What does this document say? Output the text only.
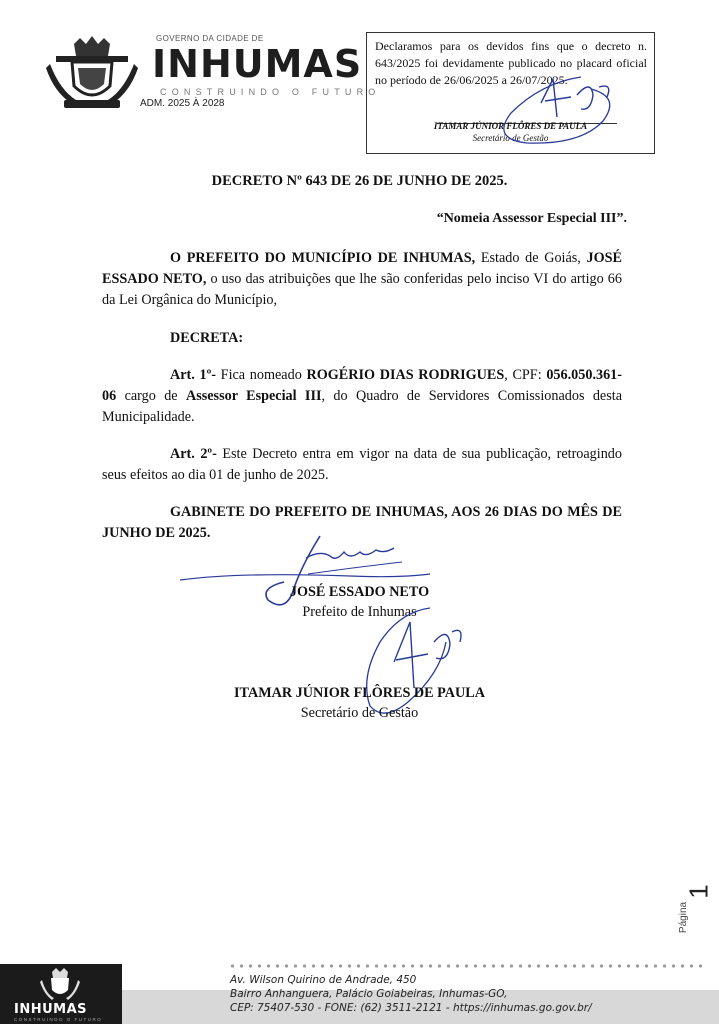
GOVERNO DA CIDADE DE
INHUMAS
CONSTRUINDO O FUTURO
ADM. 2025 À 2028
Declaramos para os devidos fins que o decreto n. 643/2025 foi devidamente publicado no placard oficial no período de 26/06/2025 a 26/07/2025.
ITAMAR JÚNIOR FLÔRES DE PAULA
Secretário de Gestão
DECRETO Nº 643 DE 26 DE JUNHO DE 2025.
“Nomeia Assessor Especial III”.
O PREFEITO DO MUNICÍPIO DE INHUMAS, Estado de Goiás, JOSÉ ESSADO NETO, o uso das atribuições que lhe são conferidas pelo inciso VI do artigo 66 da Lei Orgânica do Município,
DECRETA:
Art. 1º- Fica nomeado ROGÉRIO DIAS RODRIGUES, CPF: 056.050.361-06 cargo de Assessor Especial III, do Quadro de Servidores Comissionados desta Municipalidade.
Art. 2º- Este Decreto entra em vigor na data de sua publicação, retroagindo seus efeitos ao dia 01 de junho de 2025.
GABINETE DO PREFEITO DE INHUMAS, AOS 26 DIAS DO MÊS DE JUNHO DE 2025.
JOSÉ ESSADO NETO
Prefeito de Inhumas
ITAMAR JÚNIOR FLÔRES DE PAULA
Secretário de Gestão
Página
1
INHUMAS
CONSTRUINDO O FUTURO
Av. Wilson Quirino de Andrade, 450
Bairro Anhanguera, Palácio Goiabeiras, Inhumas-GO,
CEP: 75407-530 - FONE: (62) 3511-2121 - https://inhumas.go.gov.br/
